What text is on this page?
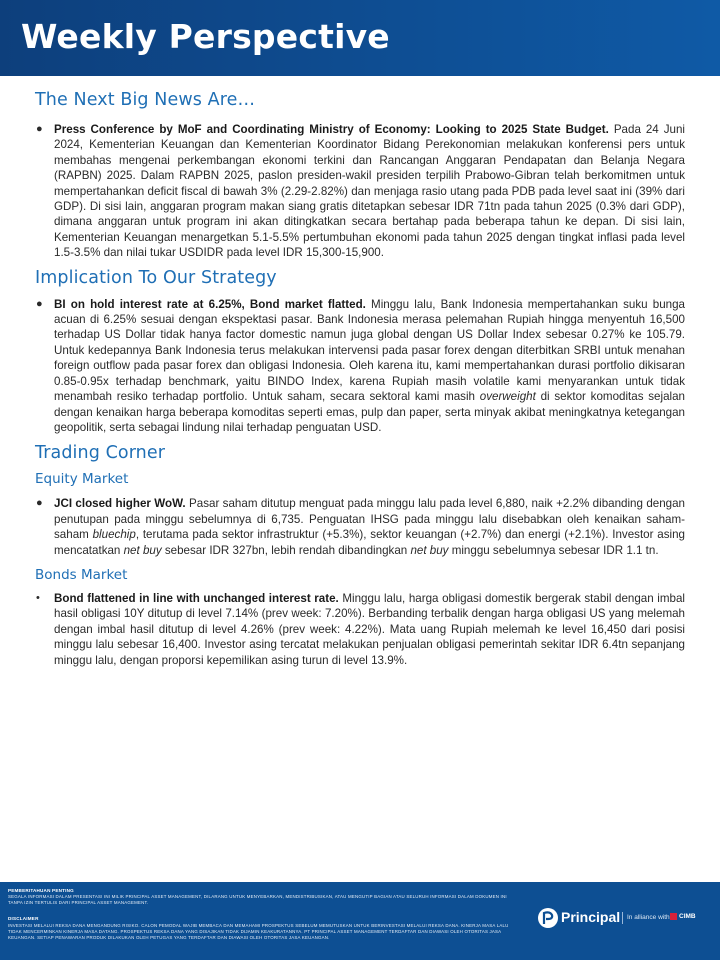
Weekly Perspective
The Next Big News Are…
● Press Conference by MoF and Coordinating Ministry of Economy: Looking to 2025 State Budget. Pada 24 Juni 2024, Kementerian Keuangan dan Kementerian Koordinator Bidang Perekonomian melakukan konferensi pers untuk membahas mengenai perkembangan ekonomi terkini dan Rancangan Anggaran Pendapatan dan Belanja Negara (RAPBN) 2025. Dalam RAPBN 2025, paslon presiden-wakil presiden terpilih Prabowo-Gibran telah berkomitmen untuk mempertahankan deficit fiscal di bawah 3% (2.29-2.82%) dan menjaga rasio utang pada PDB pada level saat ini (39% dari GDP). Di sisi lain, anggaran program makan siang gratis ditetapkan sebesar IDR 71tn pada tahun 2025 (0.3% dari GDP), dimana anggaran untuk program ini akan ditingkatkan secara bertahap pada beberapa tahun ke depan. Di sisi lain, Kementerian Keuangan menargetkan 5.1-5.5% pertumbuhan ekonomi pada tahun 2025 dengan tingkat inflasi pada level 1.5-3.5% dan nilai tukar USDIDR pada level IDR 15,300-15,900.
Implication To Our Strategy
● BI on hold interest rate at 6.25%, Bond market flatted. Minggu lalu, Bank Indonesia mempertahankan suku bunga acuan di 6.25% sesuai dengan ekspektasi pasar. Bank Indonesia merasa pelemahan Rupiah hingga menyentuh 16,500 terhadap US Dollar tidak hanya factor domestic namun juga global dengan US Dollar Index sebesar 0.27% ke 105.79. Untuk kedepannya Bank Indonesia terus melakukan intervensi pada pasar forex dengan diterbitkan SRBI untuk menahan foreign outflow pada pasar forex dan obligasi Indonesia. Oleh karena itu, kami mempertahankan durasi portfolio dikisaran 0.85-0.95x terhadap benchmark, yaitu BINDO Index, karena Rupiah masih volatile kami menyarankan untuk tidak menambah resiko terhadap portfolio. Untuk saham, secara sektoral kami masih overweight di sektor komoditas sejalan dengan kenaikan harga beberapa komoditas seperti emas, pulp dan paper, serta minyak akibat meningkatnya ketegangan geopolitik, serta sebagai lindung nilai terhadap penguatan USD.
Trading Corner
Equity Market
● JCI closed higher WoW. Pasar saham ditutup menguat pada minggu lalu pada level 6,880, naik +2.2% dibanding dengan penutupan pada minggu sebelumnya di 6,735. Penguatan IHSG pada minggu lalu disebabkan oleh kenaikan saham-saham bluechip, terutama pada sektor infrastruktur (+5.3%), sektor keuangan (+2.7%) dan energi (+2.1%). Investor asing mencatatkan net buy sebesar IDR 327bn, lebih rendah dibandingkan net buy minggu sebelumnya sebesar IDR 1.1 tn.
Bonds Market
• Bond flattened in line with unchanged interest rate. Minggu lalu, harga obligasi domestik bergerak stabil dengan imbal hasil obligasi 10Y ditutup di level 7.14% (prev week: 7.20%). Berbanding terbalik dengan harga obligasi US yang melemah dengan imbal hasil ditutup di level 4.26% (prev week: 4.22%). Mata uang Rupiah melemah ke level 16,450 dari posisi minggu lalu sebesar 16,400. Investor asing tercatat melakukan penjualan obligasi pemerintah sekitar IDR 6.4tn sepanjang minggu lalu, dengan proporsi kepemilikan asing turun di level 13.9%.
PEMBERITAHUAN PENTING
SEGALA INFORMASI DALAM PRESENTASI INI MILIK PRINCIPAL ASSET MANAGEMENT, DILARANG UNTUK MENYEBARKAN, MENDISTRIBUSIKAN, ATAU MENGUTIP BAGIAN ATAU SELURUH INFORMASI DALAM DOKUMEN INI TANPA IZIN TERTULIS DARI PRINCIPAL ASSET MANAGEMENT.
DISCLAIMER
INVESTASI MELALUI REKSA DANA MENGANDUNG RISIKO. CALON PEMODAL WAJIB MEMBACA DAN MEMAHAMI PROSPEKTUS SEBELUM MEMUTUSKAN UNTUK BERINVESTASI MELALUI REKSA DANA. KINERJA MASA LALU TIDAK MENCERMINKAN KINERJA MASA DATANG. PROSPEKTUS REKSA DANA YANG DISAJIKAN TIDAK DIJAMIN KEAKURATANNYA. PT PRINCIPAL ASSET MANAGEMENT TERDAFTAR DAN DIAWASI OLEH OTORITAS JASA KEUANGAN. SETIAP PENAWARAN PRODUK DILAKUKAN OLEH PETUGAS YANG TERDAFTAR DAN DIAWASI OLEH OTORITAS JASA KEUANGAN.
Principal In alliance with CIMB
